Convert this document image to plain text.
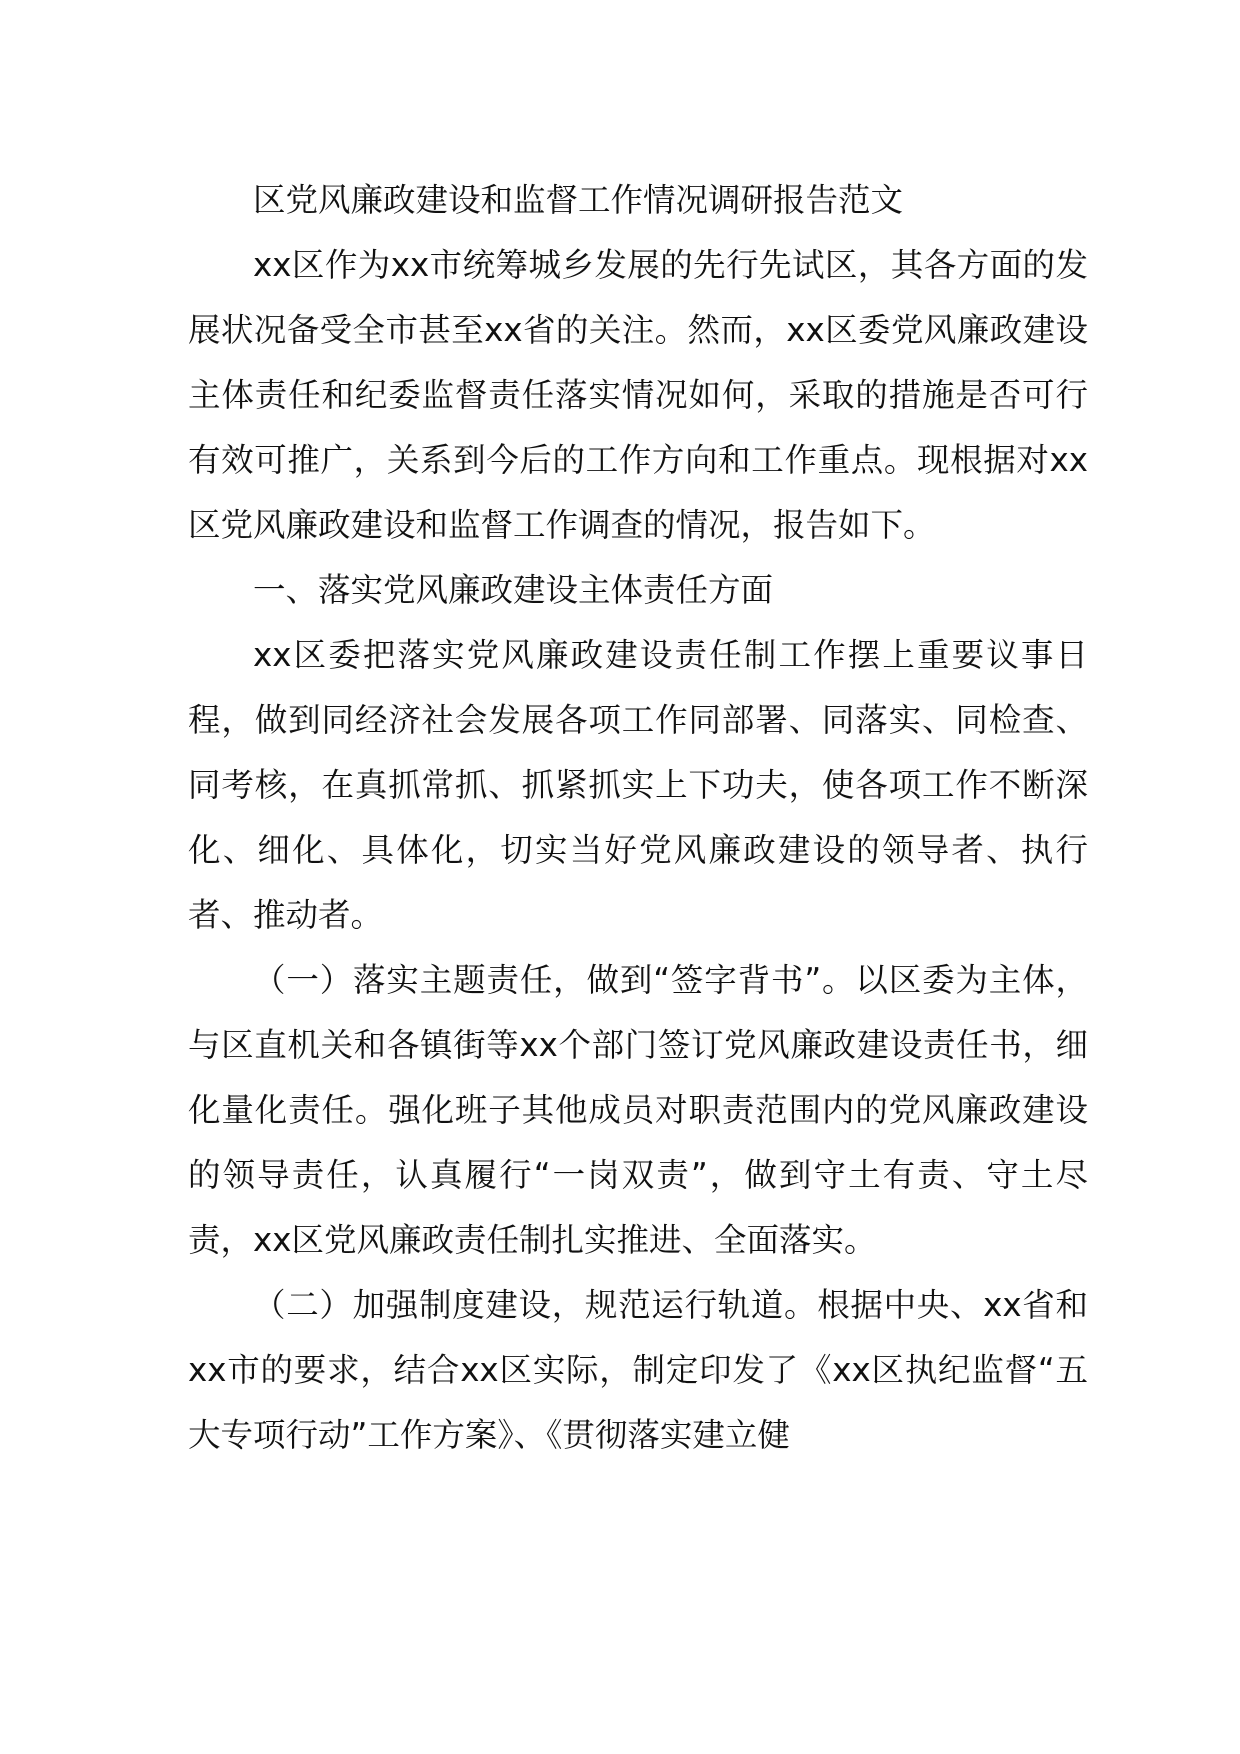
区党风廉政建设和监督工作情况调研报告范文

xx区作为xx市统筹城乡发展的先行先试区，其各方面的发展状况备受全市甚至xx省的关注。然而，xx区委党风廉政建设主体责任和纪委监督责任落实情况如何，采取的措施是否可行有效可推广，关系到今后的工作方向和工作重点。现根据对xx区党风廉政建设和监督工作调查的情况，报告如下。

一、落实党风廉政建设主体责任方面

xx区委把落实党风廉政建设责任制工作摆上重要议事日程，做到同经济社会发展各项工作同部署、同落实、同检查、同考核，在真抓常抓、抓紧抓实上下功夫，使各项工作不断深化、细化、具体化，切实当好党风廉政建设的领导者、执行者、推动者。

（一）落实主题责任，做到“签字背书”。以区委为主体，与区直机关和各镇街等xx个部门签订党风廉政建设责任书，细化量化责任。强化班子其他成员对职责范围内的党风廉政建设的领导责任，认真履行“一岗双责”，做到守土有责、守土尽责，xx区党风廉政责任制扎实推进、全面落实。

（二）加强制度建设，规范运行轨道。根据中央、xx省和xx市的要求，结合xx区实际，制定印发了《xx区执纪监督“五大专项行动”工作方案》、《贯彻落实建立健
